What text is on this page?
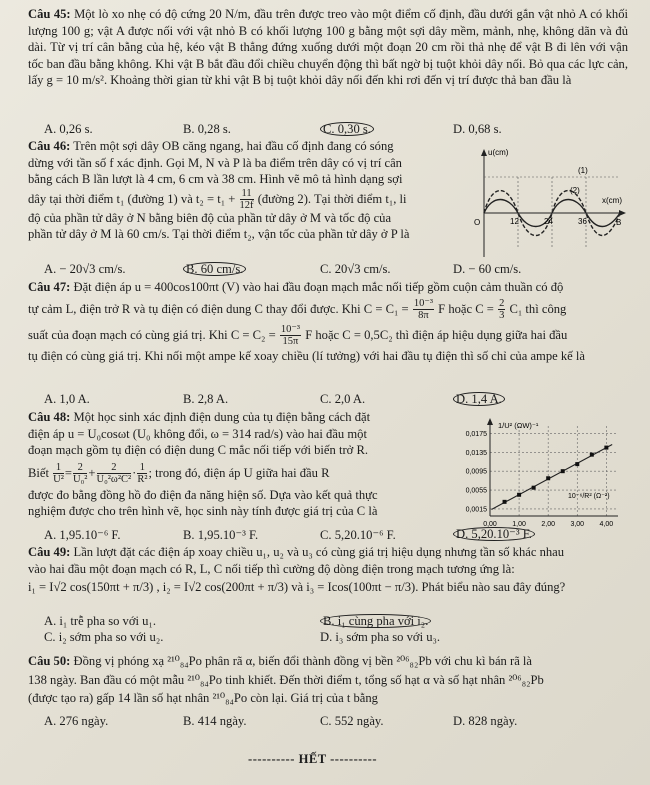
Câu 45: Một lò xo nhẹ có độ cứng 20 N/m, đầu trên được treo vào một điểm cố định, đầu dưới gắn vật nhỏ A có khối lượng 100 g; vật A được nối với vật nhỏ B có khối lượng 100 g bằng một sợi dây mềm, mảnh, nhẹ, không dãn và đủ dài. Từ vị trí cân bằng của hệ, kéo vật B thẳng đứng xuống dưới một đoạn 20 cm rồi thả nhẹ để vật B đi lên với vận tốc ban đầu bằng không. Khi vật B bắt đầu đổi chiều chuyển động thì bất ngờ bị tuột khỏi dây nối. Bỏ qua các lực cản, lấy g = 10 m/s². Khoảng thời gian từ khi vật B bị tuột khỏi dây nối đến khi rơi đến vị trí được thả ban đầu là
A. 0,26 s.	B. 0,28 s.	C. 0,30 s.	D. 0,68 s.
Câu 46: Trên một sợi dây OB căng ngang, hai đầu cố định đang có sóng
dừng với tần số f xác định. Gọi M, N và P là ba điểm trên dây có vị trí cân
bằng cách B lần lượt là 4 cm, 6 cm và 38 cm. Hình vẽ mô tả hình dạng sợi
dây tại thời điểm t₁ (đường 1) và $t_2 = t_1 + \frac{11}{12f}$ (đường 2). Tại thời điểm t₁, li
độ của phần tử dây ở N bằng biên độ của phần tử dây ở M và tốc độ của
phần tử dây ở M là 60 cm/s. Tại thời điểm t₂, vận tốc của phần tử dây ở P là
u(cm)
x(cm)
(1)
(2)
O	12	24	36	B
A. − 20√3 cm/s.	B. 60 cm/s.	C. 20√3 cm/s.	D. − 60 cm/s.
Câu 47: Đặt điện áp u = 400cos100πt (V) vào hai đầu đoạn mạch mắc nối tiếp gồm cuộn cảm thuần có độ
tự cảm L, điện trở R và tụ điện có điện dung C thay đổi được. Khi $C = C_1 = \frac{\text{10⁻³}}{8\pi}$ F hoặc $C = \frac{2}{3} C_1$ thì công
suất của đoạn mạch có cùng giá trị. Khi $C = C_2 = \frac{\text{10⁻³}}{15\pi}$ F hoặc C = 0,5C₂ thì điện áp hiệu dụng giữa hai đầu
tụ điện có cùng giá trị. Khi nối một ampe kế xoay chiều (lí tưởng) với hai đầu tụ điện thì số chỉ của ampe kế là
A. 1,0 A.	B. 2,8 A.	C. 2,0 A.	D. 1,4 A.
Câu 48: Một học sinh xác định điện dung của tụ điện bằng cách đặt
điện áp u = U₀cosωt (U₀ không đổi, ω = 314 rad/s) vào hai đầu một
đoạn mạch gồm tụ điện có điện dung C mắc nối tiếp với biến trở R.
Biết $\frac{1}{\text{U²}} = \frac{2}{\text{U₀²}} + \frac{2}{\text{U₀²ω²C²}} \cdot \frac{1}{\text{R²}}$ ; trong đó, điện áp U giữa hai đầu R
được đo bằng đồng hồ đo điện đa năng hiện số. Dựa vào kết quả thực
nghiệm được cho trên hình vẽ, học sinh này tính được giá trị của C là
1/U² (ΩW)⁻¹
10⁻⁶/R² (Ω⁻²)
0,0015
0,0055
0,0095
0,0135
0,0175
0,00 1,00 2,00 3,00 4,00
A. 1,95.10⁻⁶ F.	B. 1,95.10⁻³ F.	C. 5,20.10⁻⁶ F.	D. 5,20.10⁻³ F.
Câu 49: Lần lượt đặt các điện áp xoay chiều u₁, u₂ và u₃ có cùng giá trị hiệu dụng nhưng tần số khác nhau
vào hai đầu một đoạn mạch có R, L, C nối tiếp thì cường độ dòng điện trong mạch tương ứng là:
i₁ = I√2 cos(150πt + π/3) , i₂ = I√2 cos(200πt + π/3) và i₃ = Icos(100πt − π/3). Phát biểu nào sau đây đúng?
A. i₁ trễ pha so với u₁.	B. i₁ cùng pha với i₂.
C. i₂ sớm pha so với u₂.	D. i₃ sớm pha so với u₃.
Câu 50: Đồng vị phóng xạ ²¹⁰₈₄Po phân rã α, biến đổi thành đồng vị bền ²⁰⁶₈₂Pb với chu kì bán rã là
138 ngày. Ban đầu có một mẫu ²¹⁰₈₄Po tinh khiết. Đến thời điểm t, tổng số hạt α và số hạt nhân ²⁰⁶₈₂Pb
(được tạo ra) gấp 14 lần số hạt nhân ²¹⁰₈₄Po còn lại. Giá trị của t bằng
A. 276 ngày.	B. 414 ngày.	C. 552 ngày.	D. 828 ngày.
---------- HẾT ----------
